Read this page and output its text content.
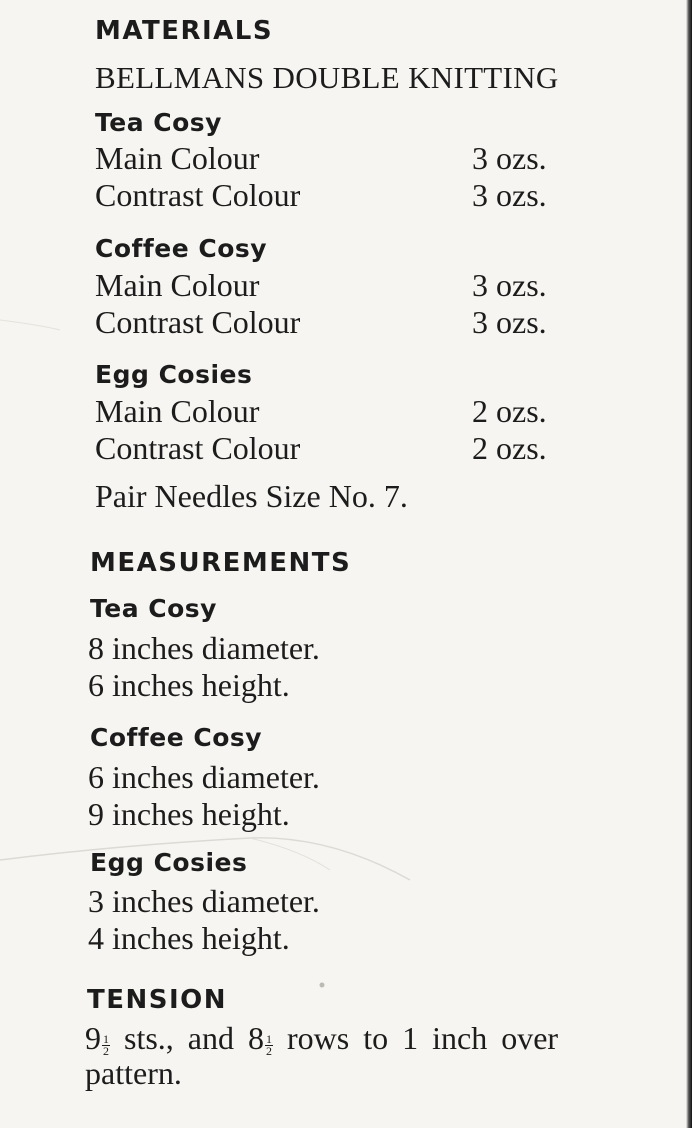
MATERIALS
BELLMANS DOUBLE KNITTING
Tea Cosy
Main Colour	3 ozs.
Contrast Colour	3 ozs.
Coffee Cosy
Main Colour	3 ozs.
Contrast Colour	3 ozs.
Egg Cosies
Main Colour	2 ozs.
Contrast Colour	2 ozs.
Pair Needles Size No. 7.
MEASUREMENTS
Tea Cosy
8 inches diameter.
6 inches height.
Coffee Cosy
6 inches diameter.
9 inches height.
Egg Cosies
3 inches diameter.
4 inches height.
TENSION
$9 \frac{1}{2}$ sts., and $8 \frac{1}{2}$ rows to 1 inch over
pattern.
